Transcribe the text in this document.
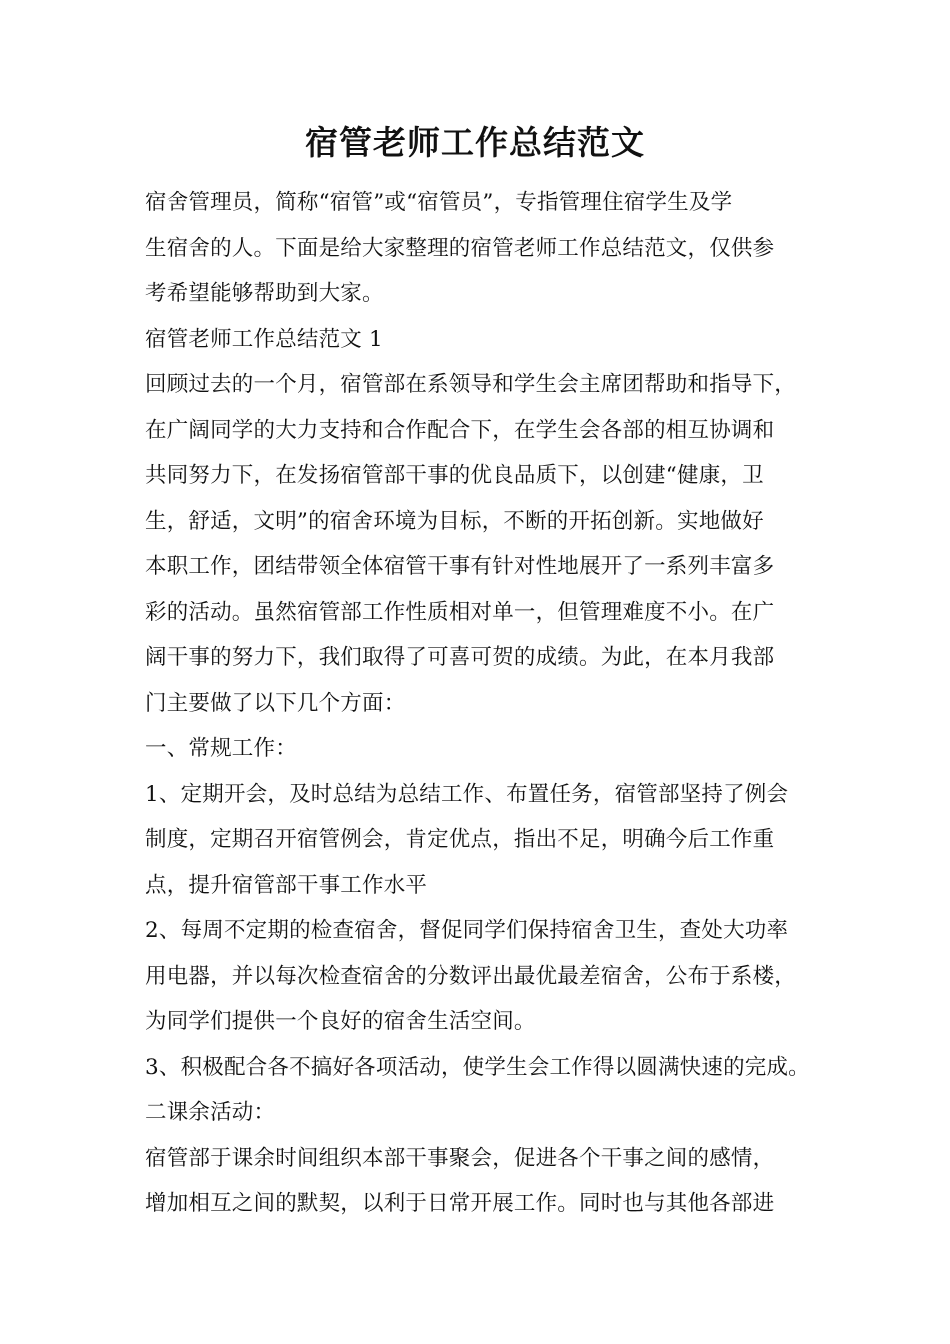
宿管老师工作总结范文
宿舍管理员，简称“宿管”或“宿管员”，专指管理住宿学生及学
生宿舍的人。下面是给大家整理的宿管老师工作总结范文，仅供参
考希望能够帮助到大家。
宿管老师工作总结范文 1
回顾过去的一个月，宿管部在系领导和学生会主席团帮助和指导下，
在广阔同学的大力支持和合作配合下，在学生会各部的相互协调和
共同努力下，在发扬宿管部干事的优良品质下，以创建“健康，卫
生，舒适，文明”的宿舍环境为目标，不断的开拓创新。实地做好
本职工作，团结带领全体宿管干事有针对性地展开了一系列丰富多
彩的活动。虽然宿管部工作性质相对单一，但管理难度不小。在广
阔干事的努力下，我们取得了可喜可贺的成绩。为此，在本月我部
门主要做了以下几个方面：
一、常规工作：
1、定期开会，及时总结为总结工作、布置任务，宿管部坚持了例会
制度，定期召开宿管例会，肯定优点，指出不足，明确今后工作重
点，提升宿管部干事工作水平
2、每周不定期的检查宿舍，督促同学们保持宿舍卫生，查处大功率
用电器，并以每次检查宿舍的分数评出最优最差宿舍，公布于系楼，
为同学们提供一个良好的宿舍生活空间。
3、积极配合各不搞好各项活动，使学生会工作得以圆满快速的完成。
二课余活动：
宿管部于课余时间组织本部干事聚会，促进各个干事之间的感情，
增加相互之间的默契，以利于日常开展工作。同时也与其他各部进
